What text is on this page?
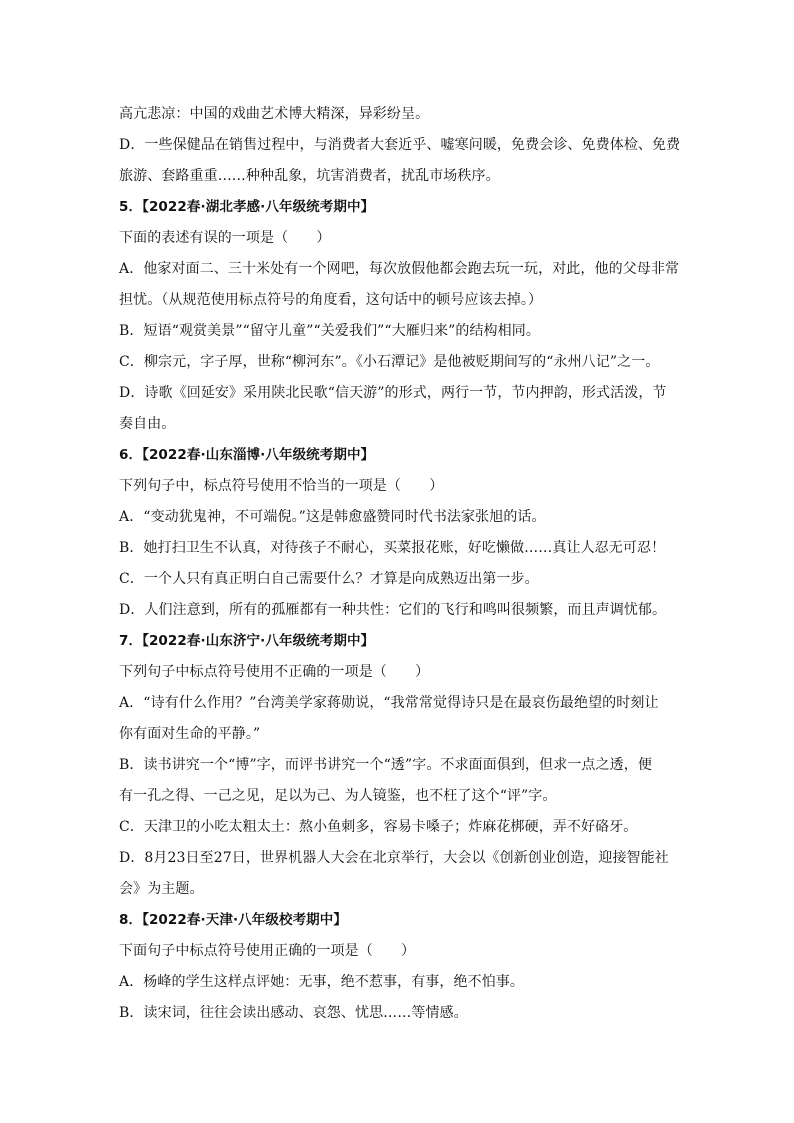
高亢悲凉：中国的戏曲艺术博大精深，异彩纷呈。
D．一些保健品在销售过程中，与消费者大套近乎、嘘寒问暖，免费会诊、免费体检、免费
旅游、套路重重……种种乱象，坑害消费者，扰乱市场秩序。
5．【2022春·湖北孝感·八年级统考期中】
下面的表述有误的一项是（　　）
A．他家对面二、三十米处有一个网吧，每次放假他都会跑去玩一玩，对此，他的父母非常
担忧。（从规范使用标点符号的角度看，这句话中的顿号应该去掉。）
B．短语“观赏美景”“留守儿童”“关爱我们”“大雁归来”的结构相同。
C．柳宗元，字子厚，世称“柳河东”。《小石潭记》是他被贬期间写的“永州八记”之一。
D．诗歌《回延安》采用陕北民歌“信天游”的形式，两行一节，节内押韵，形式活泼，节
奏自由。
6．【2022春·山东淄博·八年级统考期中】
下列句子中，标点符号使用不恰当的一项是（　　）
A．“变动犹鬼神，不可端倪。”这是韩愈盛赞同时代书法家张旭的话。
B．她打扫卫生不认真，对待孩子不耐心，买菜报花账，好吃懒做……真让人忍无可忍！
C．一个人只有真正明白自己需要什么？才算是向成熟迈出第一步。
D．人们注意到，所有的孤雁都有一种共性：它们的飞行和鸣叫很频繁，而且声调忧郁。
7．【2022春·山东济宁·八年级统考期中】
下列句子中标点符号使用不正确的一项是（　　）
A．“诗有什么作用？”台湾美学家蒋勋说，“我常常觉得诗只是在最哀伤最绝望的时刻让
你有面对生命的平静。”
B．读书讲究一个“博”字，而评书讲究一个“透”字。不求面面俱到，但求一点之透，便
有一孔之得、一己之见，足以为己、为人镜鉴，也不枉了这个“评”字。
C．天津卫的小吃太粗太土：熬小鱼刺多，容易卡嗓子；炸麻花梆硬，弄不好硌牙。
D．8月23日至27日，世界机器人大会在北京举行，大会以《创新创业创造，迎接智能社
会》为主题。
8．【2022春·天津·八年级校考期中】
下面句子中标点符号使用正确的一项是（　　）
A．杨峰的学生这样点评她：无事，绝不惹事，有事，绝不怕事。
B．读宋词，往往会读出感动、哀怨、忧思……等情感。
